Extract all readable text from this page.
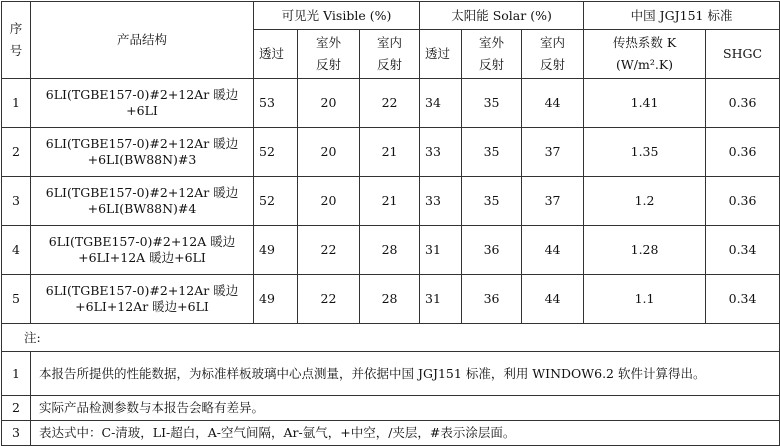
序号	产品结构	可见光 Visible (%)			太阳能 Solar (%)			中国 JGJ151 标准	
		透过	室外反射	室内反射	透过	室外反射	室内反射	传热系数 K (W/m².K)	SHGC
1	6LI(TGBE157-0)#2+12Ar 暖边
+6LI	53	20	22	34	35	44	1.41	0.36
2	6LI(TGBE157-0)#2+12Ar 暖边
+6LI(BW88N)#3	52	20	21	33	35	37	1.35	0.36
3	6LI(TGBE157-0)#2+12Ar 暖边
+6LI(BW88N)#4	52	20	21	33	35	37	1.2	0.36
4	6LI(TGBE157-0)#2+12A 暖边
+6LI+12A 暖边+6LI	49	22	28	31	36	44	1.28	0.34
5	6LI(TGBE157-0)#2+12Ar 暖边
+6LI+12Ar 暖边+6LI	49	22	28	31	36	44	1.1	0.34
注:									
1	本报告所提供的性能数据，为标准样板玻璃中心点测量，并依据中国 JGJ151 标准，利用 WINDOW6.2 软件计算得出。								
2	实际产品检测参数与本报告会略有差异。								
3	表达式中：C-清玻，LI-超白，A-空气间隔，Ar-氩气，+中空，/夹层，#表示涂层面。								
